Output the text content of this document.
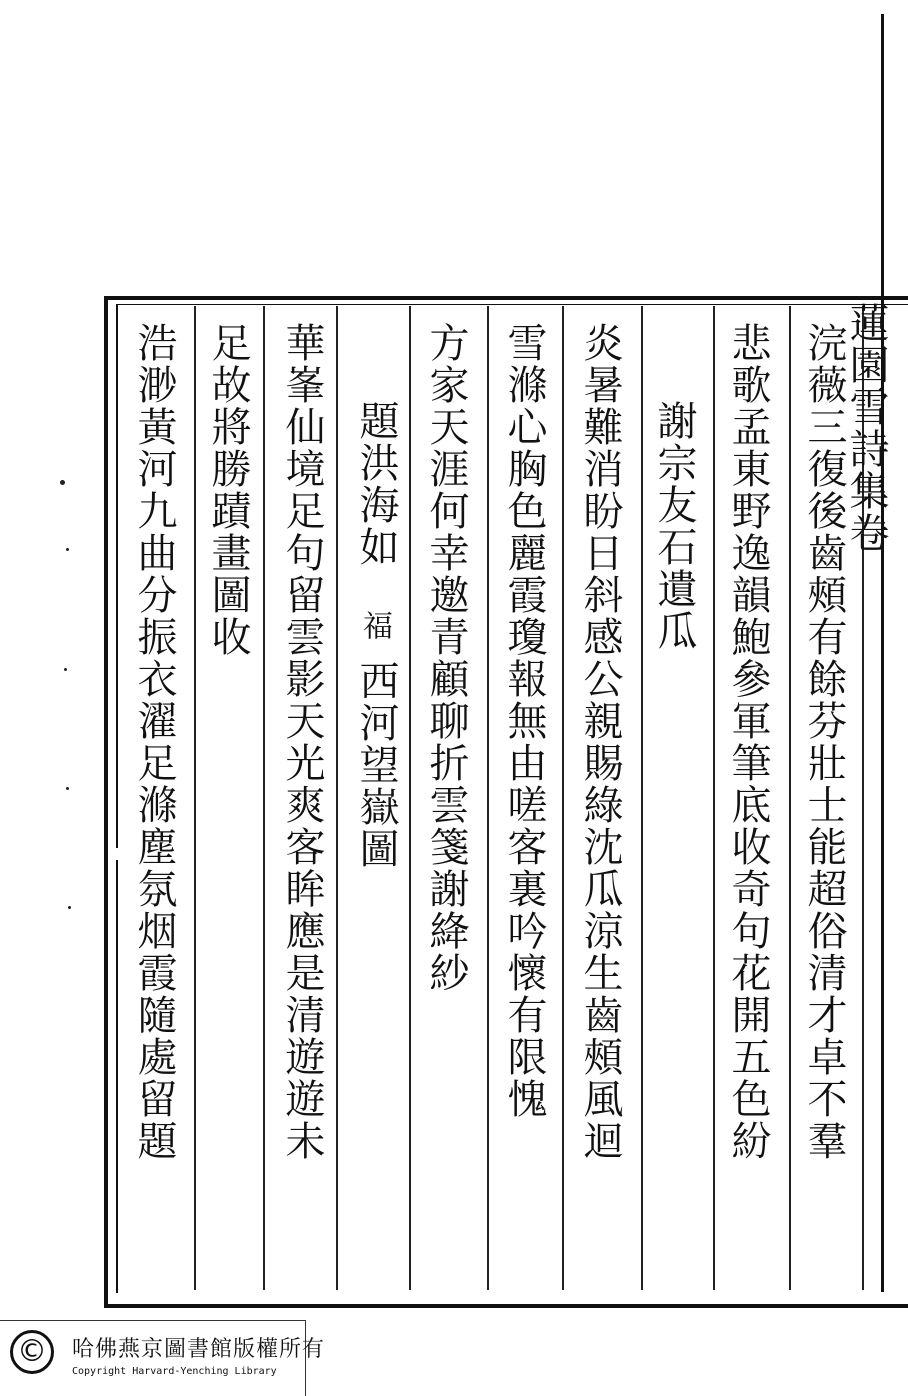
蓮園雪詩集卷
浣薇三復後齒頰有餘芬壯士能超俗清才卓不羣
悲歌孟東野逸韻鮑參軍筆底收奇句花開五色紛
謝宗友石遺瓜
炎暑難消盼日斜感公親賜綠沈瓜涼生齒頰風迴
雪滌心胸色麗霞瓊報無由嗟客裏吟懷有限愧
方家天涯何幸邀青顧聊折雲箋謝絳紗
題洪海如
福
西河望嶽圖
華峯仙境足句留雲影天光爽客眸應是清遊遊未
足故將勝蹟畫圖收
浩渺黃河九曲分振衣濯足滌塵氛烟霞隨處留題
©	哈佛燕京圖書館版權所有
Copyright Harvard-Yenching Library
